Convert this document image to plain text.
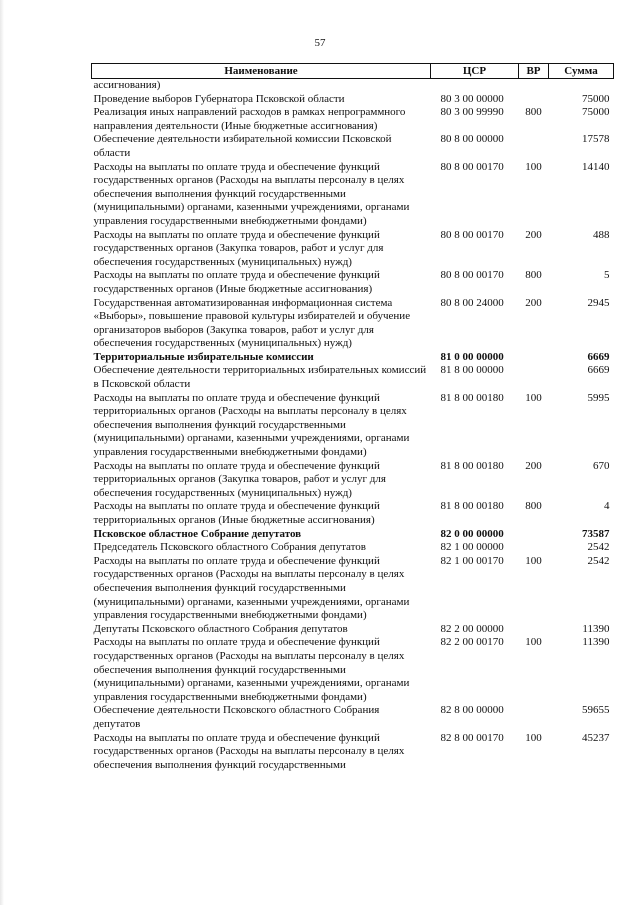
57
Наименование	ЦСР	ВР	Сумма
ассигнования)			
Проведение выборов Губернатора Псковской области	80 3 00 00000		75000
Реализация иных направлений расходов в рамках непрограммного направления деятельности (Иные бюджетные ассигнования)	80 3 00 99990	800	75000
Обеспечение деятельности избирательной комиссии Псковской области	80 8 00 00000		17578
Расходы на выплаты по оплате труда и обеспечение функций государственных органов (Расходы на выплаты персоналу в целях обеспечения выполнения функций государственными (муниципальными) органами, казенными учреждениями, органами управления государственными внебюджетными фондами)	80 8 00 00170	100	14140
Расходы на выплаты по оплате труда и обеспечение функций государственных органов (Закупка товаров, работ и услуг для обеспечения государственных (муниципальных) нужд)	80 8 00 00170	200	488
Расходы на выплаты по оплате труда и обеспечение функций государственных органов (Иные бюджетные ассигнования)	80 8 00 00170	800	5
Государственная автоматизированная информационная система «Выборы», повышение правовой культуры избирателей и обучение организаторов выборов (Закупка товаров, работ и услуг для обеспечения государственных (муниципальных) нужд)	80 8 00 24000	200	2945
Территориальные избирательные комиссии	81 0 00 00000		6669
Обеспечение деятельности территориальных избирательных комиссий в Псковской области	81 8 00 00000		6669
Расходы на выплаты по оплате труда и обеспечение функций территориальных органов (Расходы на выплаты персоналу в целях обеспечения выполнения функций государственными (муниципальными) органами, казенными учреждениями, органами управления государственными внебюджетными фондами)	81 8 00 00180	100	5995
Расходы на выплаты по оплате труда и обеспечение функций территориальных органов (Закупка товаров, работ и услуг для обеспечения государственных (муниципальных) нужд)	81 8 00 00180	200	670
Расходы на выплаты по оплате труда и обеспечение функций территориальных органов (Иные бюджетные ассигнования)	81 8 00 00180	800	4
Псковское областное Собрание депутатов	82 0 00 00000		73587
Председатель Псковского областного Собрания депутатов	82 1 00 00000		2542
Расходы на выплаты по оплате труда и обеспечение функций государственных органов (Расходы на выплаты персоналу в целях обеспечения выполнения функций государственными (муниципальными) органами, казенными учреждениями, органами управления государственными внебюджетными фондами)	82 1 00 00170	100	2542
Депутаты Псковского областного Собрания депутатов	82 2 00 00000		11390
Расходы на выплаты по оплате труда и обеспечение функций государственных органов (Расходы на выплаты персоналу в целях обеспечения выполнения функций государственными (муниципальными) органами, казенными учреждениями, органами управления государственными внебюджетными фондами)	82 2 00 00170	100	11390
Обеспечение деятельности Псковского областного Собрания депутатов	82 8 00 00000		59655
Расходы на выплаты по оплате труда и обеспечение функций государственных органов (Расходы на выплаты персоналу в целях обеспечения выполнения функций государственными	82 8 00 00170	100	45237
